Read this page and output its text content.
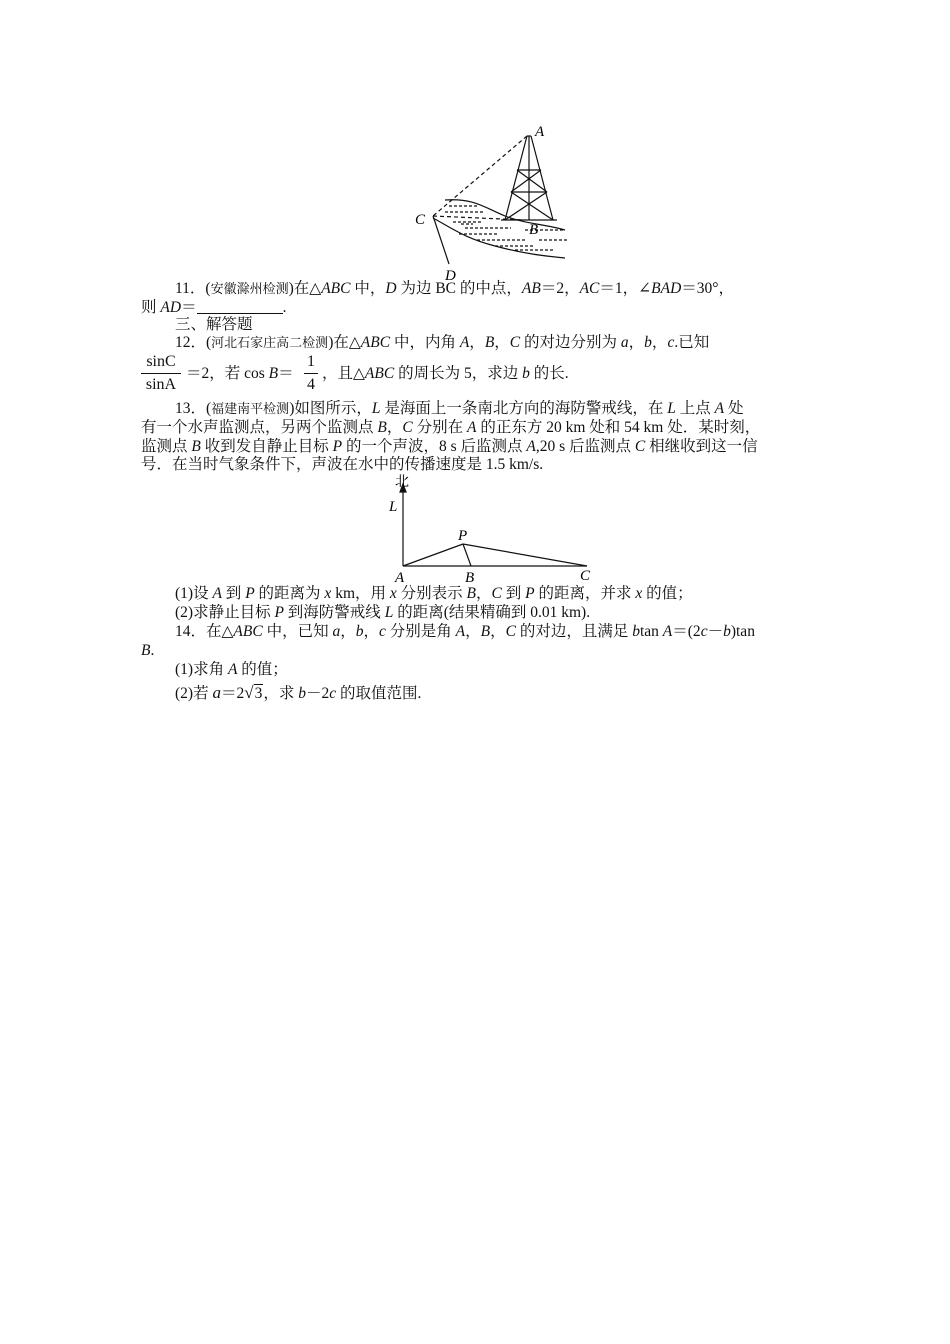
A
B
C
D
11．(安徽滁州检测)在△ABC 中，D 为边 BC 的中点，AB＝2，AC＝1，∠BAD＝30°，
则 AD＝	.
三、解答题
12．(河北石家庄高二检测)在△ABC 中，内角 A，B，C 的对边分别为 a，b，c.已知
sinC
sinA
＝2，若 cos B＝
1
4
，且△ABC 的周长为 5，求边 b 的长.
13．(福建南平检测)如图所示，L 是海面上一条南北方向的海防警戒线，在 L 上点 A 处
有一个水声监测点，另两个监测点 B，C 分别在 A 的正东方 20 km 处和 54 km 处．某时刻，
监测点 B 收到发自静止目标 P 的一个声波，8 s 后监测点 A,20 s 后监测点 C 相继收到这一信
号．在当时气象条件下，声波在水中的传播速度是 1.5 km/s.
北
L
P
A	B	C
(1)设 A 到 P 的距离为 x km，用 x 分别表示 B，C 到 P 的距离，并求 x 的值；
(2)求静止目标 P 到海防警戒线 L 的距离(结果精确到 0.01 km).
14．在△ABC 中，已知 a，b，c 分别是角 A，B，C 的对边，且满足 btan A＝(2c－b)tan
B.
(1)求角 A 的值；
(2)若 a＝2√3，求 b－2c 的取值范围.
